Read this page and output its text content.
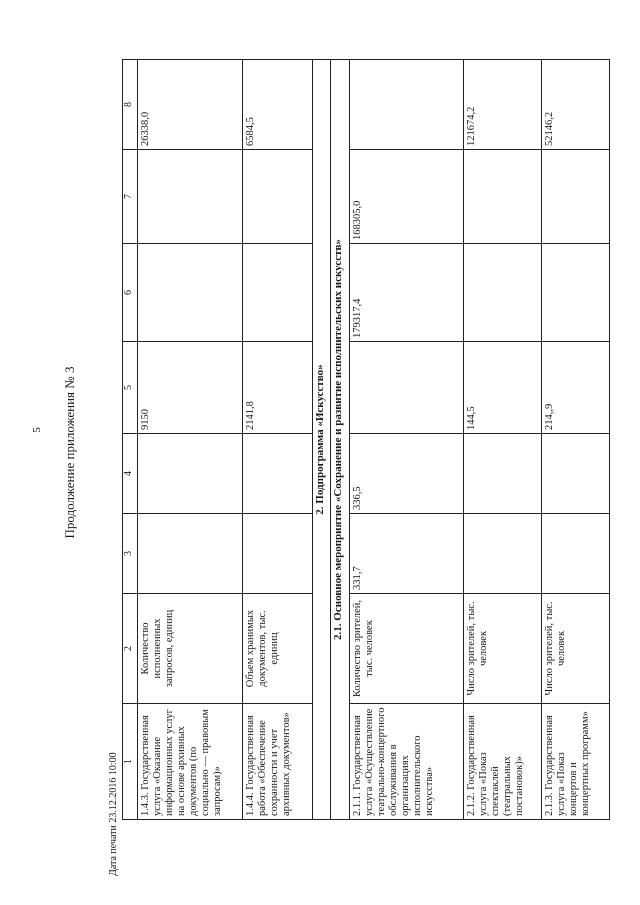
5 Продолжение приложения № 3
Дата печати 23.12.2016 10:00 1	2	3	4	5	6	7	8
1.4.3. Государственная услуга «Оказание информационных услуг на основе архивных документов (по социально — правовым запросам)»	Количество исполненных запросов, единиц			9150			26338,0
1.4.4. Государственная работа «Обеспечение сохранности и учет архивных документов»	Объем хранимых документов, тыс. единиц			2141,8			6584,5
2. Подпрограмма «Искусство»							
2.1. Основное мероприятие «Сохранение и развитие исполнительских искусств»							
2.1.1. Государственная услуга «Осуществление театрально-концертного обслуживания в организациях исполнительского искусства»	Количество зрителей, тыс. человек	331,7	336,5		179317,4	168305,0	
2.1.2. Государственная услуга «Показ спектаклей (театральных постановок)»	Число зрителей, тыс. человек			144,5			121674,2
2.1.3. Государственная услуга «Показ концертов и концертных программ»	Число зрителей, тыс. человек			214,,9			52146,2
